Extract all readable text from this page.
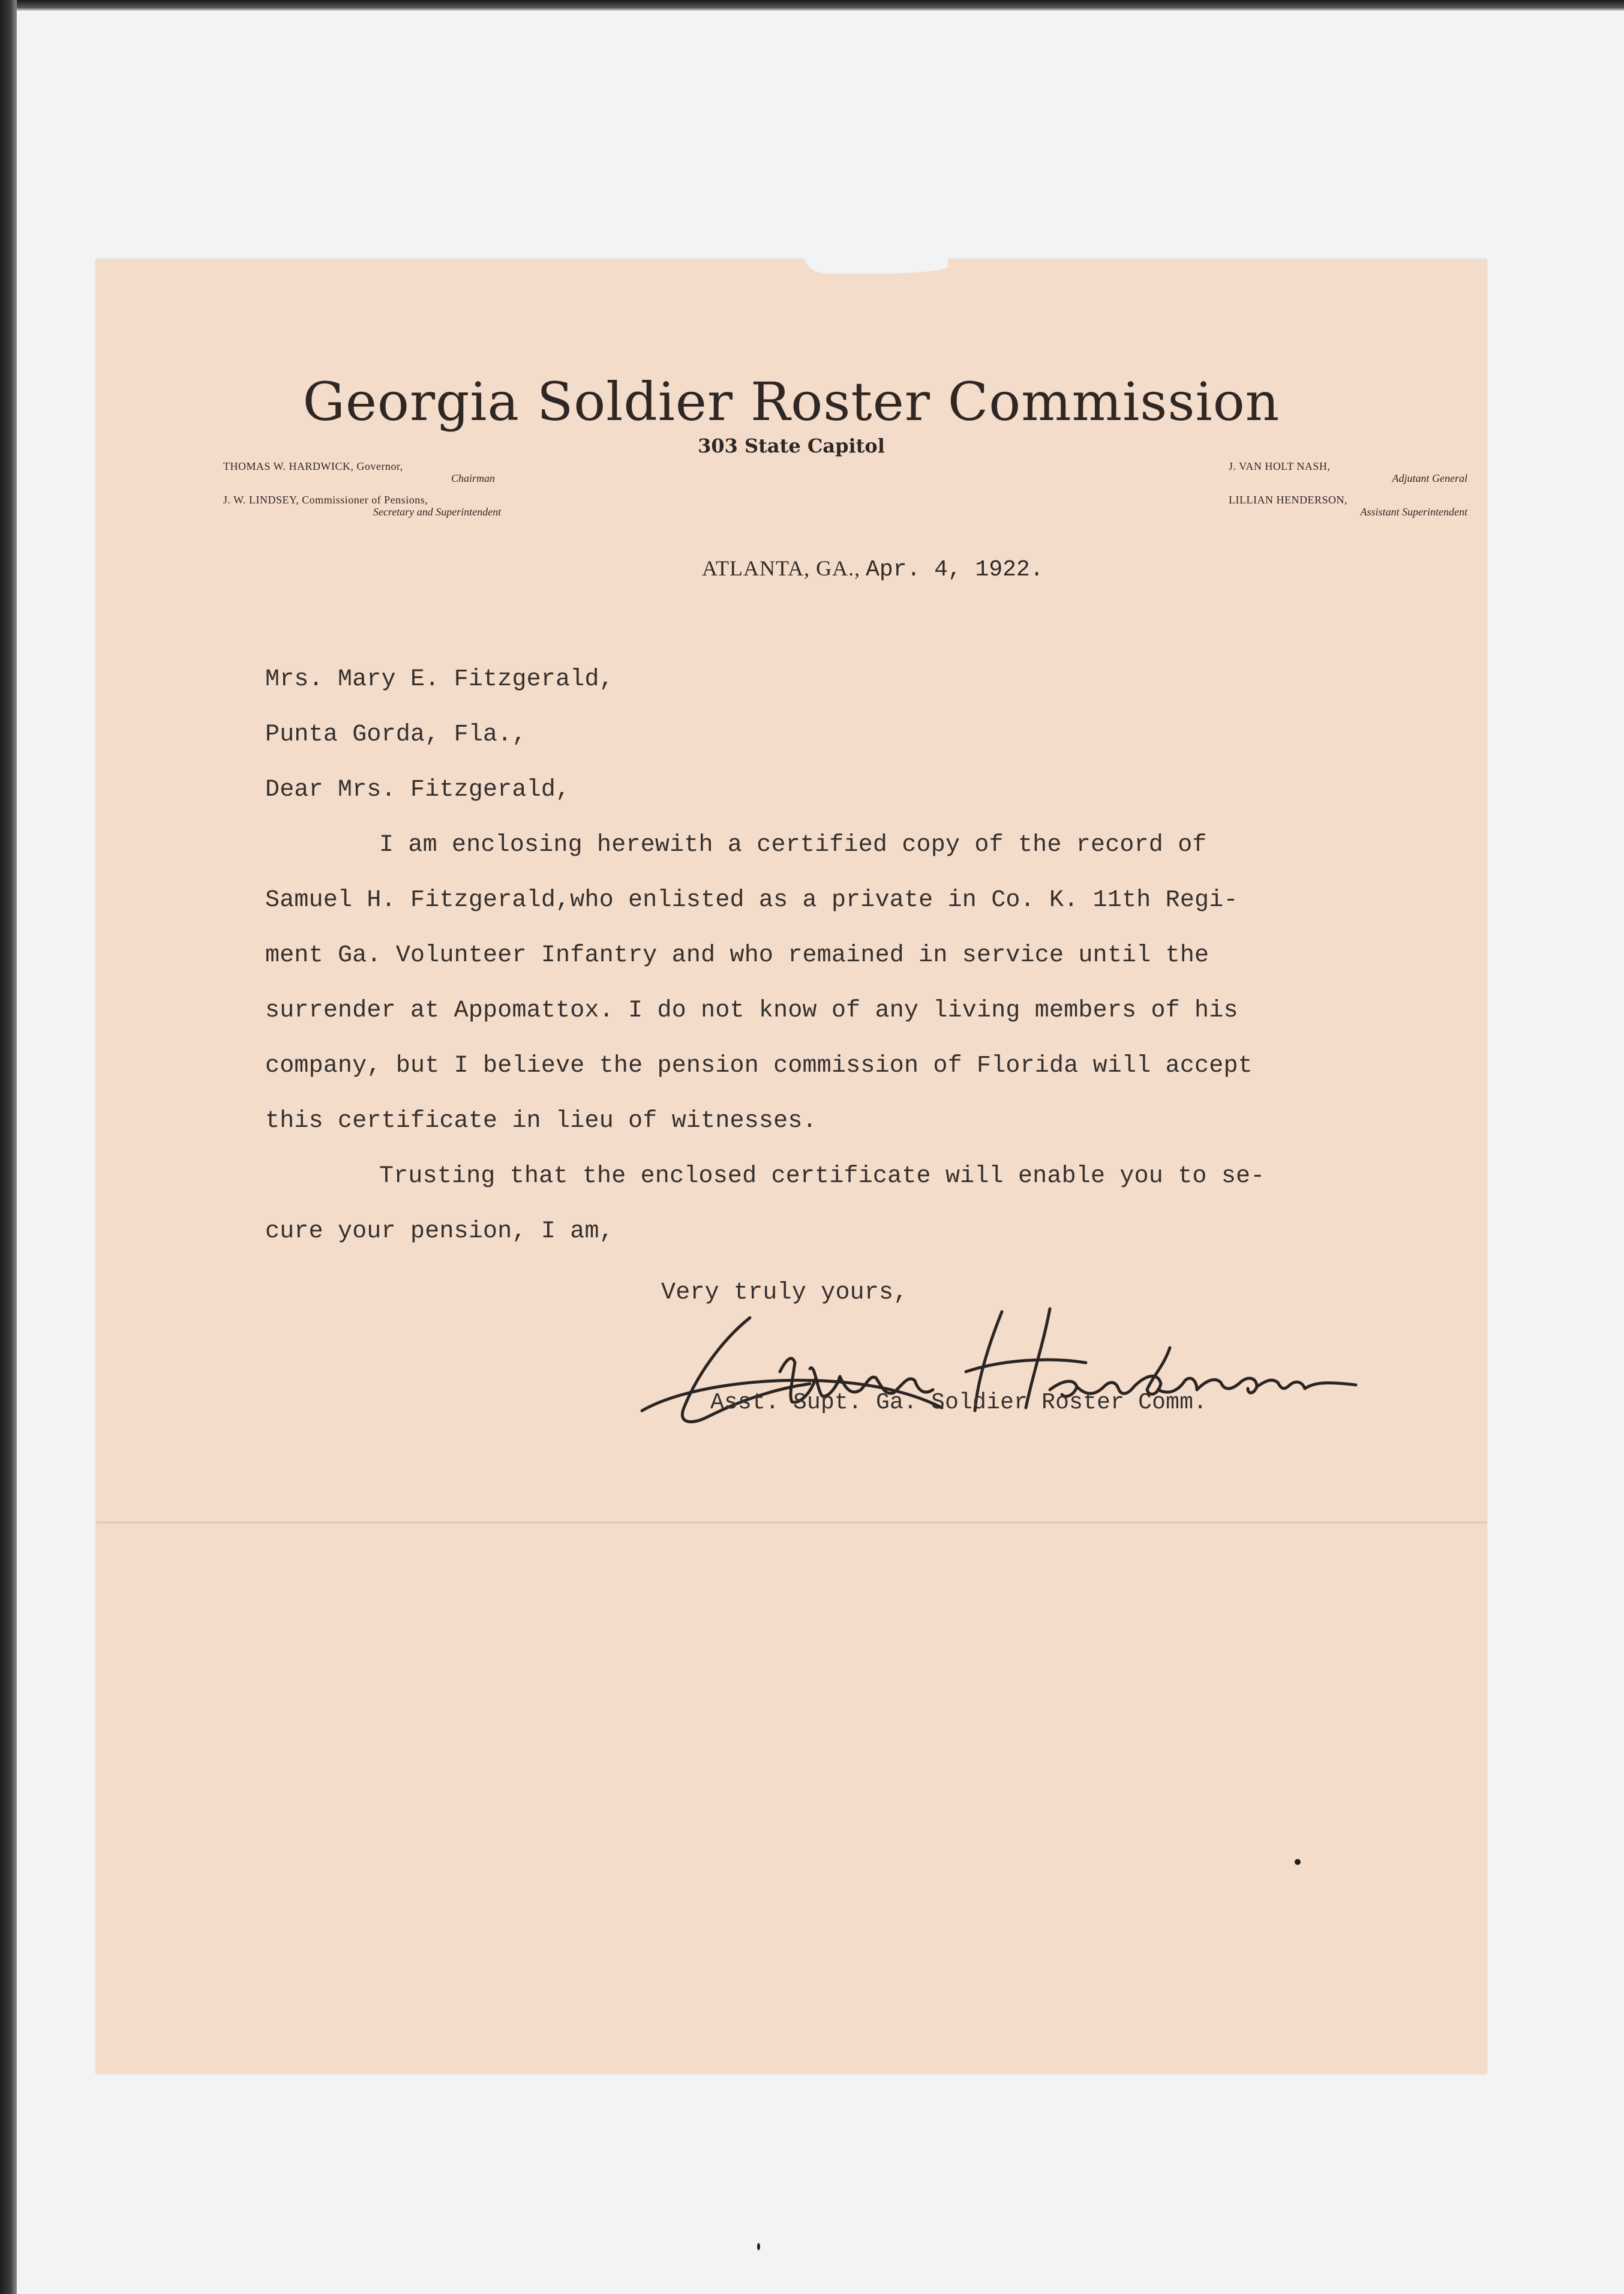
Georgia Soldier Roster Commission
303 State Capitol
THOMAS W. HARDWICK, Governor,
Chairman
J. W. LINDSEY, Commissioner of Pensions,
Secretary and Superintendent
J. VAN HOLT NASH,
Adjutant General
LILLIAN HENDERSON,
Assistant Superintendent
ATLANTA, GA., Apr. 4, 1922.
Mrs. Mary E. Fitzgerald,
Punta Gorda, Fla.,
Dear Mrs. Fitzgerald,
I am enclosing herewith a certified copy of the record of
Samuel H. Fitzgerald,who enlisted as a private in Co. K. 11th Regi-
ment Ga. Volunteer Infantry and who remained in service until the
surrender at Appomattox. I do not know of any living members of his
company, but I believe the pension commission of Florida will accept
this certificate in lieu of witnesses.
Trusting that the enclosed certificate will enable you to se-
cure your pension, I am,
Very truly yours,
Asst. Supt. Ga. Soldier Roster Comm.
